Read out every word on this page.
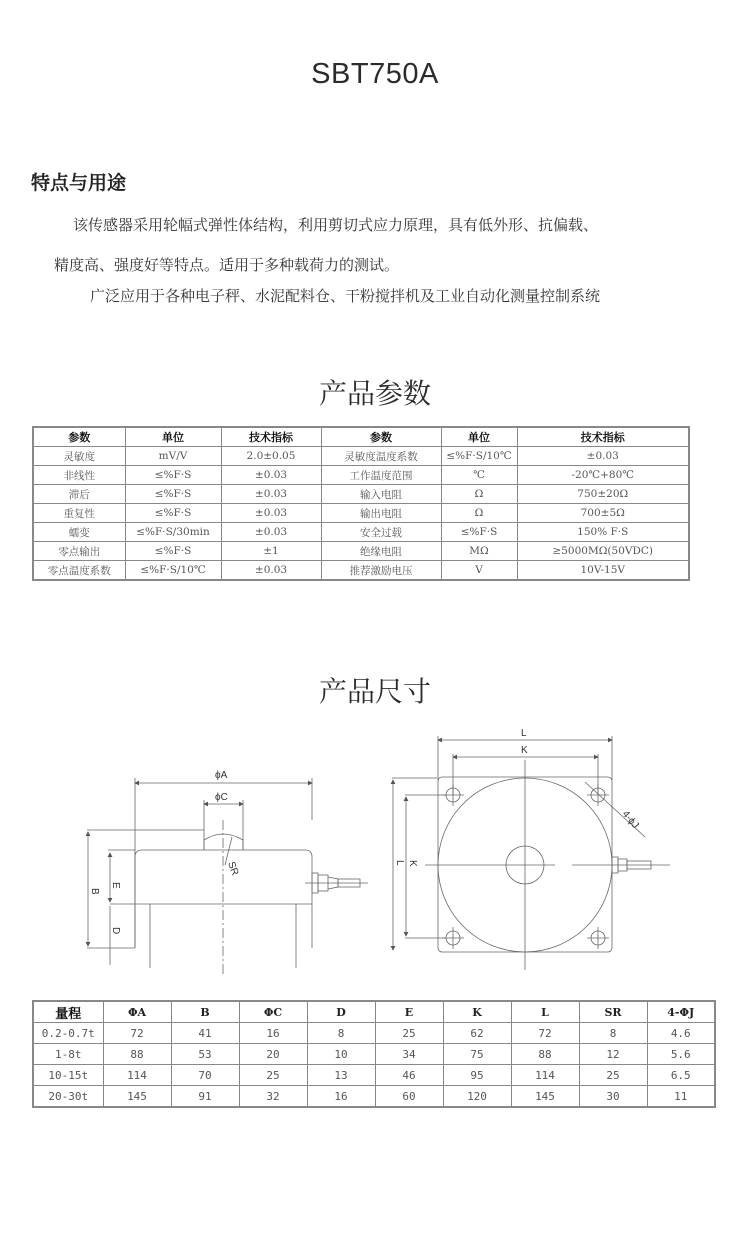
SBT750A
特点与用途
该传感器采用轮幅式弹性体结构，利用剪切式应力原理，具有低外形、抗偏载、
精度高、强度好等特点。适用于多种载荷力的测试。
广泛应用于各种电子秤、水泥配料仓、干粉搅拌机及工业自动化测量控制系统
产品参数
参数	单位	技术指标	参数	单位	技术指标
灵敏度	mV/V	2.0±0.05	灵敏度温度系数	≤%F·S/10℃	±0.03
非线性	≤%F·S	±0.03	工作温度范围	℃	-20℃+80℃
滞后	≤%F·S	±0.03	输入电阻	Ω	750±20Ω
重复性	≤%F·S	±0.03	输出电阻	Ω	700±5Ω
蠕变	≤%F·S/30min	±0.03	安全过载	≤%F·S	150% F·S
零点输出	≤%F·S	±1	绝缘电阻	MΩ	≥5000MΩ(50VDC)
零点温度系数	≤%F·S/10℃	±0.03	推荐激励电压	V	10V-15V
产品尺寸
ϕA
ϕC
SR
B
E
D
L
K
L K
4-ϕJ
量程	ΦA	B	ΦC	D	E	K	L	SR	4-ΦJ
0.2-0.7t	72	41	16	8	25	62	72	8	4.6
1-8t	88	53	20	10	34	75	88	12	5.6
10-15t	114	70	25	13	46	95	114	25	6.5
20-30t	145	91	32	16	60	120	145	30	11
